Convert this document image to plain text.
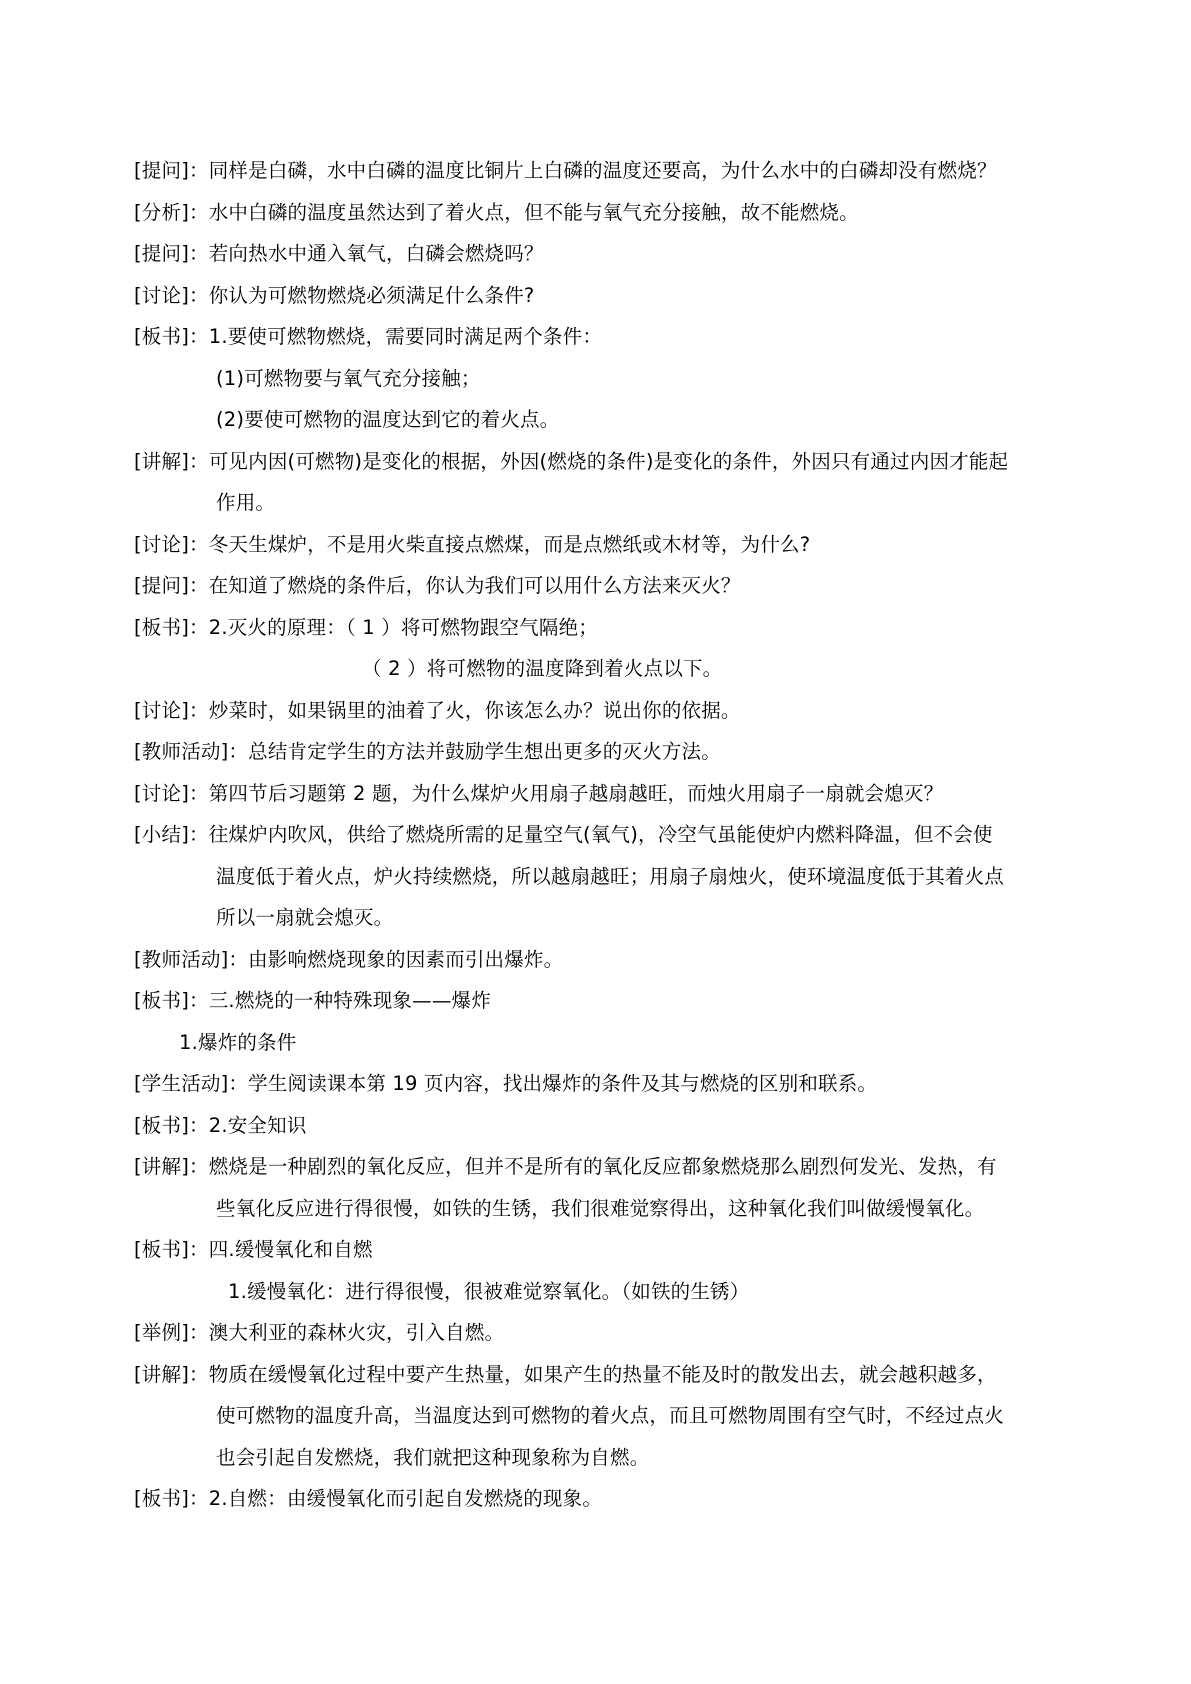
[提问]：同样是白磷，水中白磷的温度比铜片上白磷的温度还要高，为什么水中的白磷却没有燃烧？
[分析]：水中白磷的温度虽然达到了着火点，但不能与氧气充分接触，故不能燃烧。
[提问]：若向热水中通入氧气，白磷会燃烧吗？
[讨论]：你认为可燃物燃烧必须满足什么条件?
[板书]：1.要使可燃物燃烧，需要同时满足两个条件：
(1)可燃物要与氧气充分接触；
(2)要使可燃物的温度达到它的着火点。
[讲解]：可见内因(可燃物)是变化的根据，外因(燃烧的条件)是变化的条件，外因只有通过内因才能起
作用。
[讨论]：冬天生煤炉，不是用火柴直接点燃煤，而是点燃纸或木材等，为什么?
[提问]：在知道了燃烧的条件后，你认为我们可以用什么方法来灭火？
[板书]：2.灭火的原理：（ 1 ）将可燃物跟空气隔绝；
（ 2 ）将可燃物的温度降到着火点以下。
[讨论]：炒菜时，如果锅里的油着了火，你该怎么办？说出你的依据。
[教师活动]：总结肯定学生的方法并鼓励学生想出更多的灭火方法。
[讨论]：第四节后习题第 2 题，为什么煤炉火用扇子越扇越旺，而烛火用扇子一扇就会熄灭？
[小结]：往煤炉内吹风，供给了燃烧所需的足量空气(氧气)，冷空气虽能使炉内燃料降温，但不会使
温度低于着火点，炉火持续燃烧，所以越扇越旺；用扇子扇烛火，使环境温度低于其着火点
所以一扇就会熄灭。
[教师活动]：由影响燃烧现象的因素而引出爆炸。
[板书]：三.燃烧的一种特殊现象——爆炸
1.爆炸的条件
[学生活动]：学生阅读课本第 19 页内容，找出爆炸的条件及其与燃烧的区别和联系。
[板书]：2.安全知识
[讲解]：燃烧是一种剧烈的氧化反应，但并不是所有的氧化反应都象燃烧那么剧烈何发光、发热，有
些氧化反应进行得很慢，如铁的生锈，我们很难觉察得出，这种氧化我们叫做缓慢氧化。
[板书]：四.缓慢氧化和自燃
1.缓慢氧化：进行得很慢，很被难觉察氧化。（如铁的生锈）
[举例]：澳大利亚的森林火灾，引入自燃。
[讲解]：物质在缓慢氧化过程中要产生热量，如果产生的热量不能及时的散发出去，就会越积越多，
使可燃物的温度升高，当温度达到可燃物的着火点，而且可燃物周围有空气时，不经过点火
也会引起自发燃烧，我们就把这种现象称为自燃。
[板书]：2.自燃：由缓慢氧化而引起自发燃烧的现象。
